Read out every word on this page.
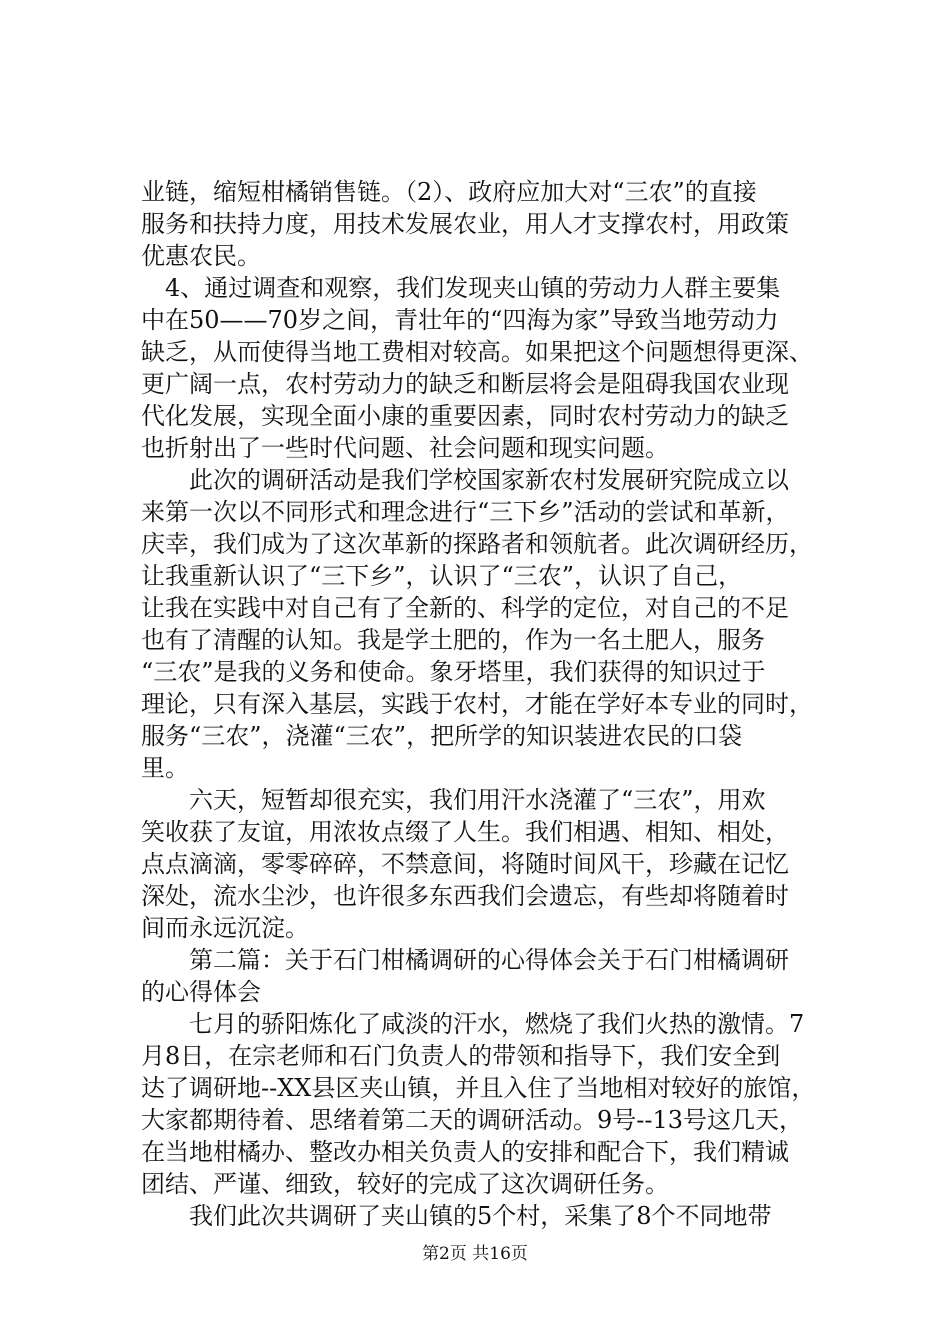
业链，缩短柑橘销售链。（2）、政府应加大对“三农”的直接
服务和扶持力度，用技术发展农业，用人才支撑农村，用政策
优惠农民。
　4、通过调查和观察，我们发现夹山镇的劳动力人群主要集
中在50——70岁之间，青壮年的“四海为家”导致当地劳动力
缺乏，从而使得当地工费相对较高。如果把这个问题想得更深、
更广阔一点，农村劳动力的缺乏和断层将会是阻碍我国农业现
代化发展，实现全面小康的重要因素，同时农村劳动力的缺乏
也折射出了一些时代问题、社会问题和现实问题。
　　此次的调研活动是我们学校国家新农村发展研究院成立以
来第一次以不同形式和理念进行“三下乡”活动的尝试和革新，
庆幸，我们成为了这次革新的探路者和领航者。此次调研经历，
让我重新认识了“三下乡”，认识了“三农”，认识了自己，
让我在实践中对自己有了全新的、科学的定位，对自己的不足
也有了清醒的认知。我是学土肥的，作为一名土肥人，服务
“三农”是我的义务和使命。象牙塔里，我们获得的知识过于
理论，只有深入基层，实践于农村，才能在学好本专业的同时，
服务“三农”，浇灌“三农”，把所学的知识装进农民的口袋
里。
　　六天，短暂却很充实，我们用汗水浇灌了“三农”，用欢
笑收获了友谊，用浓妆点缀了人生。我们相遇、相知、相处，
点点滴滴，零零碎碎，不禁意间，将随时间风干，珍藏在记忆
深处，流水尘沙，也许很多东西我们会遗忘，有些却将随着时
间而永远沉淀。
　　第二篇：关于石门柑橘调研的心得体会关于石门柑橘调研
的心得体会
　　七月的骄阳炼化了咸淡的汗水，燃烧了我们火热的激情。7
月8日，在宗老师和石门负责人的带领和指导下，我们安全到
达了调研地--XX县区夹山镇，并且入住了当地相对较好的旅馆，
大家都期待着、思绪着第二天的调研活动。9号--13号这几天，
在当地柑橘办、整改办相关负责人的安排和配合下，我们精诚
团结、严谨、细致，较好的完成了这次调研任务。
　　我们此次共调研了夹山镇的5个村，采集了8个不同地带
第2页 共16页
